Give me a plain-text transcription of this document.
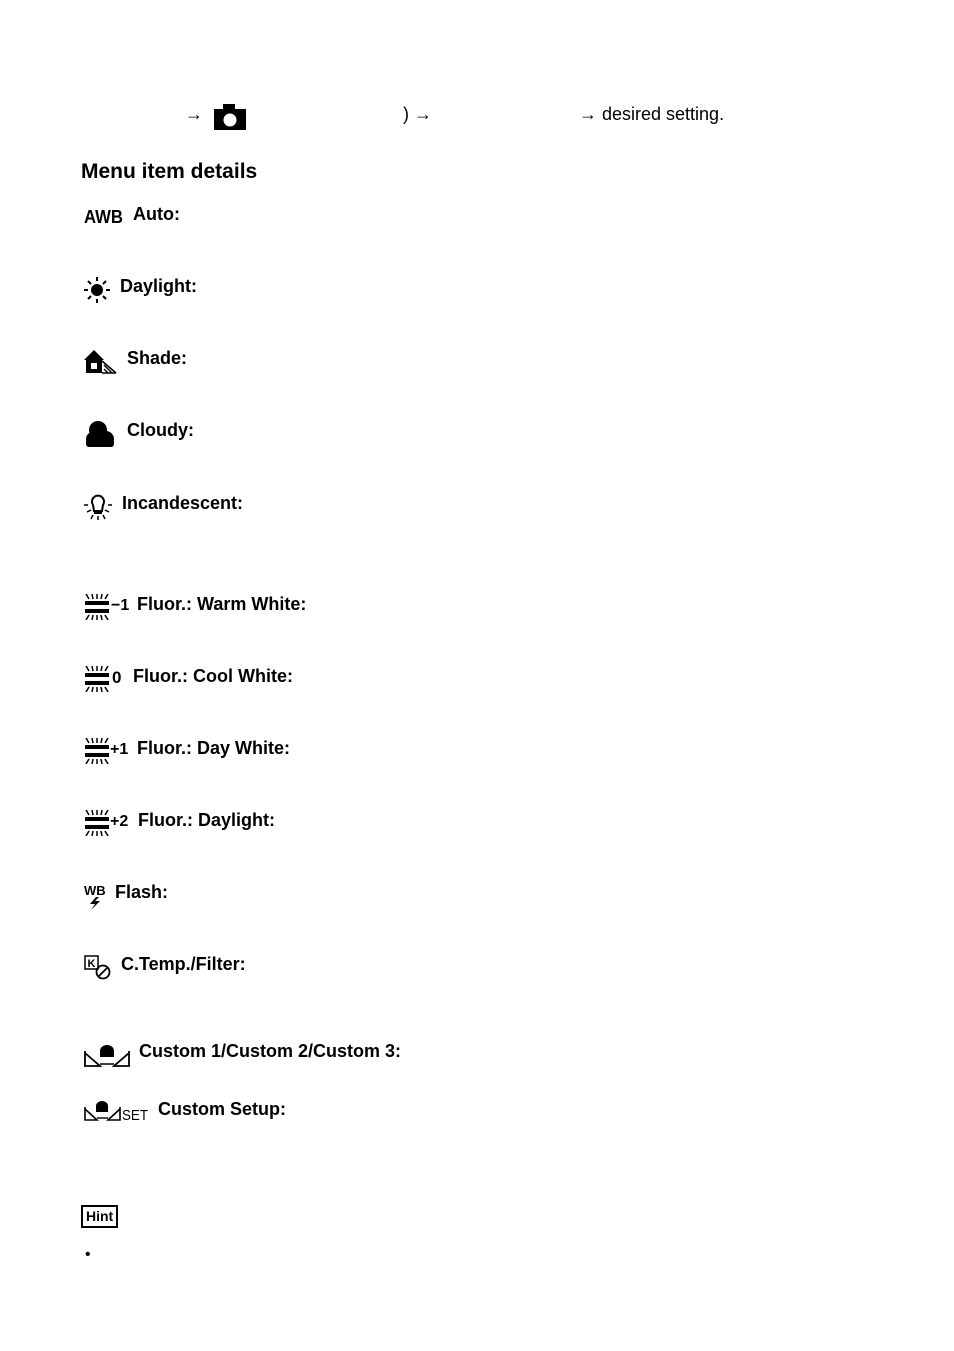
→	) →	→ desired setting.
Menu item details
AWB Auto:
Daylight:
Shade:
Cloudy:
Incandescent:
−1 Fluor.: Warm White:
0 Fluor.: Cool White:
+1 Fluor.: Day White:
+2 Fluor.: Daylight:
WB Flash:
K C.Temp./Filter:
Custom 1/Custom 2/Custom 3:
SET Custom Setup:
Hint
•
